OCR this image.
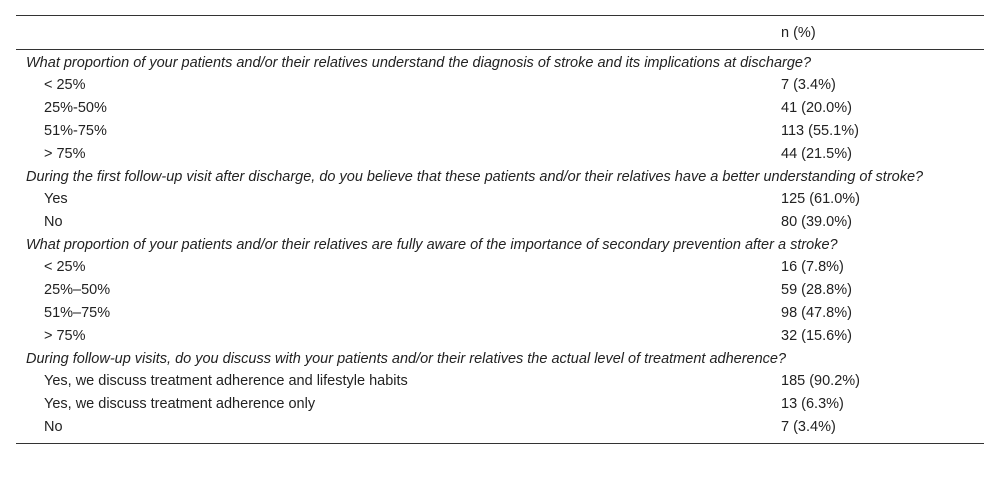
n (%)
What proportion of your patients and/or their relatives understand the diagnosis of stroke and its implications at discharge?
< 25%	7 (3.4%)
25%-50%	41 (20.0%)
51%-75%	113 (55.1%)
> 75%	44 (21.5%)
During the first follow-up visit after discharge, do you believe that these patients and/or their relatives have a better understanding of stroke?
Yes	125 (61.0%)
No	80 (39.0%)
What proportion of your patients and/or their relatives are fully aware of the importance of secondary prevention after a stroke?
< 25%	16 (7.8%)
25%–50%	59 (28.8%)
51%–75%	98 (47.8%)
> 75%	32 (15.6%)
During follow-up visits, do you discuss with your patients and/or their relatives the actual level of treatment adherence?
Yes, we discuss treatment adherence and lifestyle habits	185 (90.2%)
Yes, we discuss treatment adherence only	13 (6.3%)
No	7 (3.4%)
